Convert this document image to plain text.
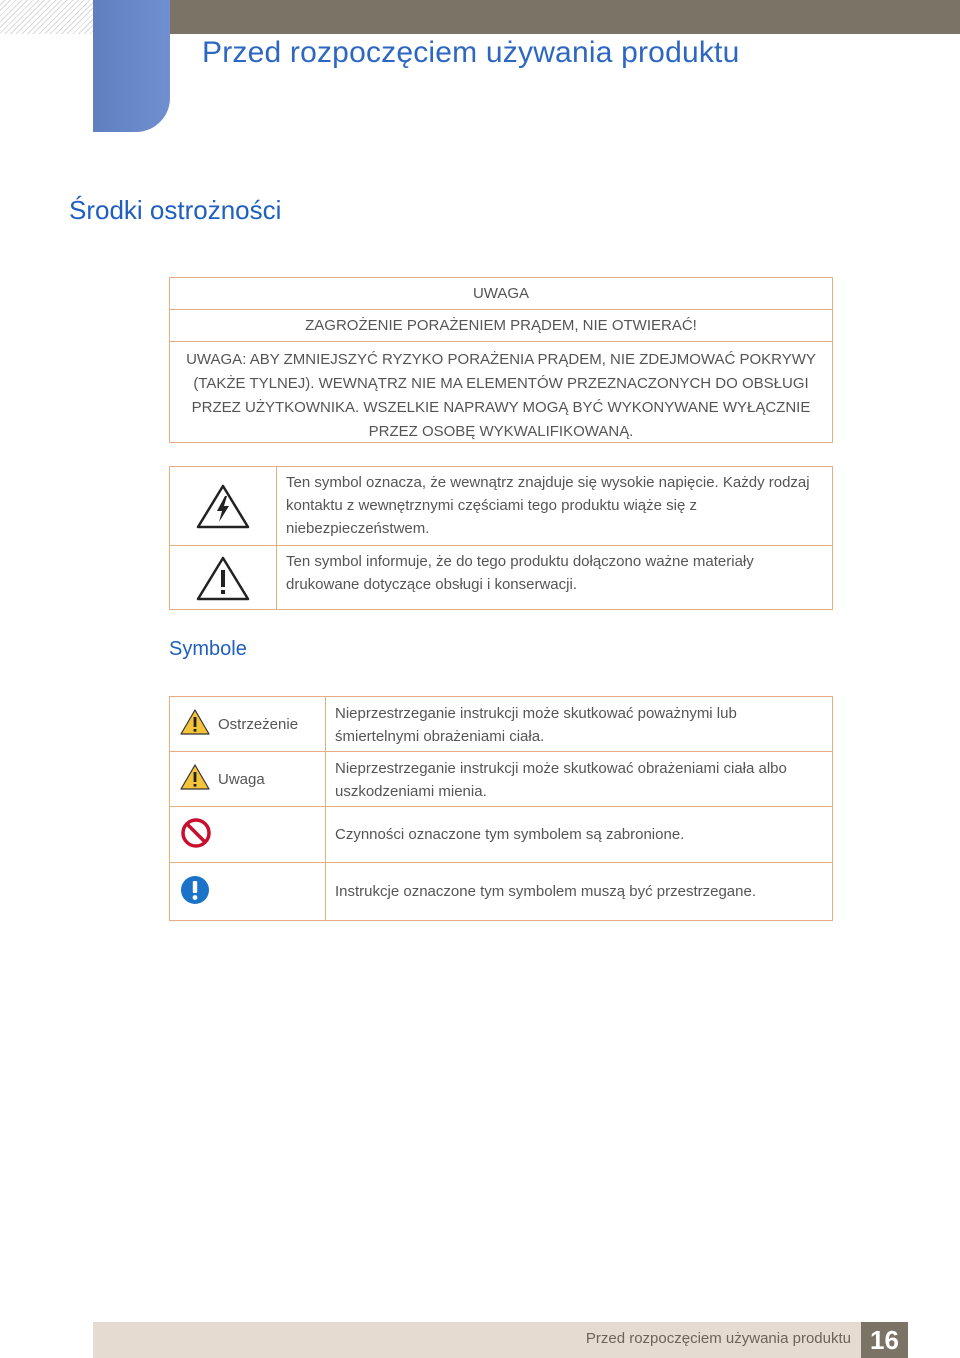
Przed rozpoczęciem używania produktu
Środki ostrożności
UWAGA
ZAGROŻENIE PORAŻENIEM PRĄDEM, NIE OTWIERAĆ!
UWAGA: ABY ZMNIEJSZYĆ RYZYKO PORAŻENIA PRĄDEM, NIE ZDEJMOWAĆ POKRYWY (TAKŻE TYLNEJ). WEWNĄTRZ NIE MA ELEMENTÓW PRZEZNACZONYCH DO OBSŁUGI PRZEZ UŻYTKOWNIKA. WSZELKIE NAPRAWY MOGĄ BYĆ WYKONYWANE WYŁĄCZNIE PRZEZ OSOBĘ WYKWALIFIKOWANĄ.
Ten symbol oznacza, że wewnątrz znajduje się wysokie napięcie. Każdy rodzaj kontaktu z wewnętrznymi częściami tego produktu wiąże się z niebezpieczeństwem.
Ten symbol informuje, że do tego produktu dołączono ważne materiały drukowane dotyczące obsługi i konserwacji.
Symbole
Ostrzeżenie
Nieprzestrzeganie instrukcji może skutkować poważnymi lub śmiertelnymi obrażeniami ciała.
Uwaga
Nieprzestrzeganie instrukcji może skutkować obrażeniami ciała albo uszkodzeniami mienia.
Czynności oznaczone tym symbolem są zabronione.
Instrukcje oznaczone tym symbolem muszą być przestrzegane.
Przed rozpoczęciem używania produktu 16
